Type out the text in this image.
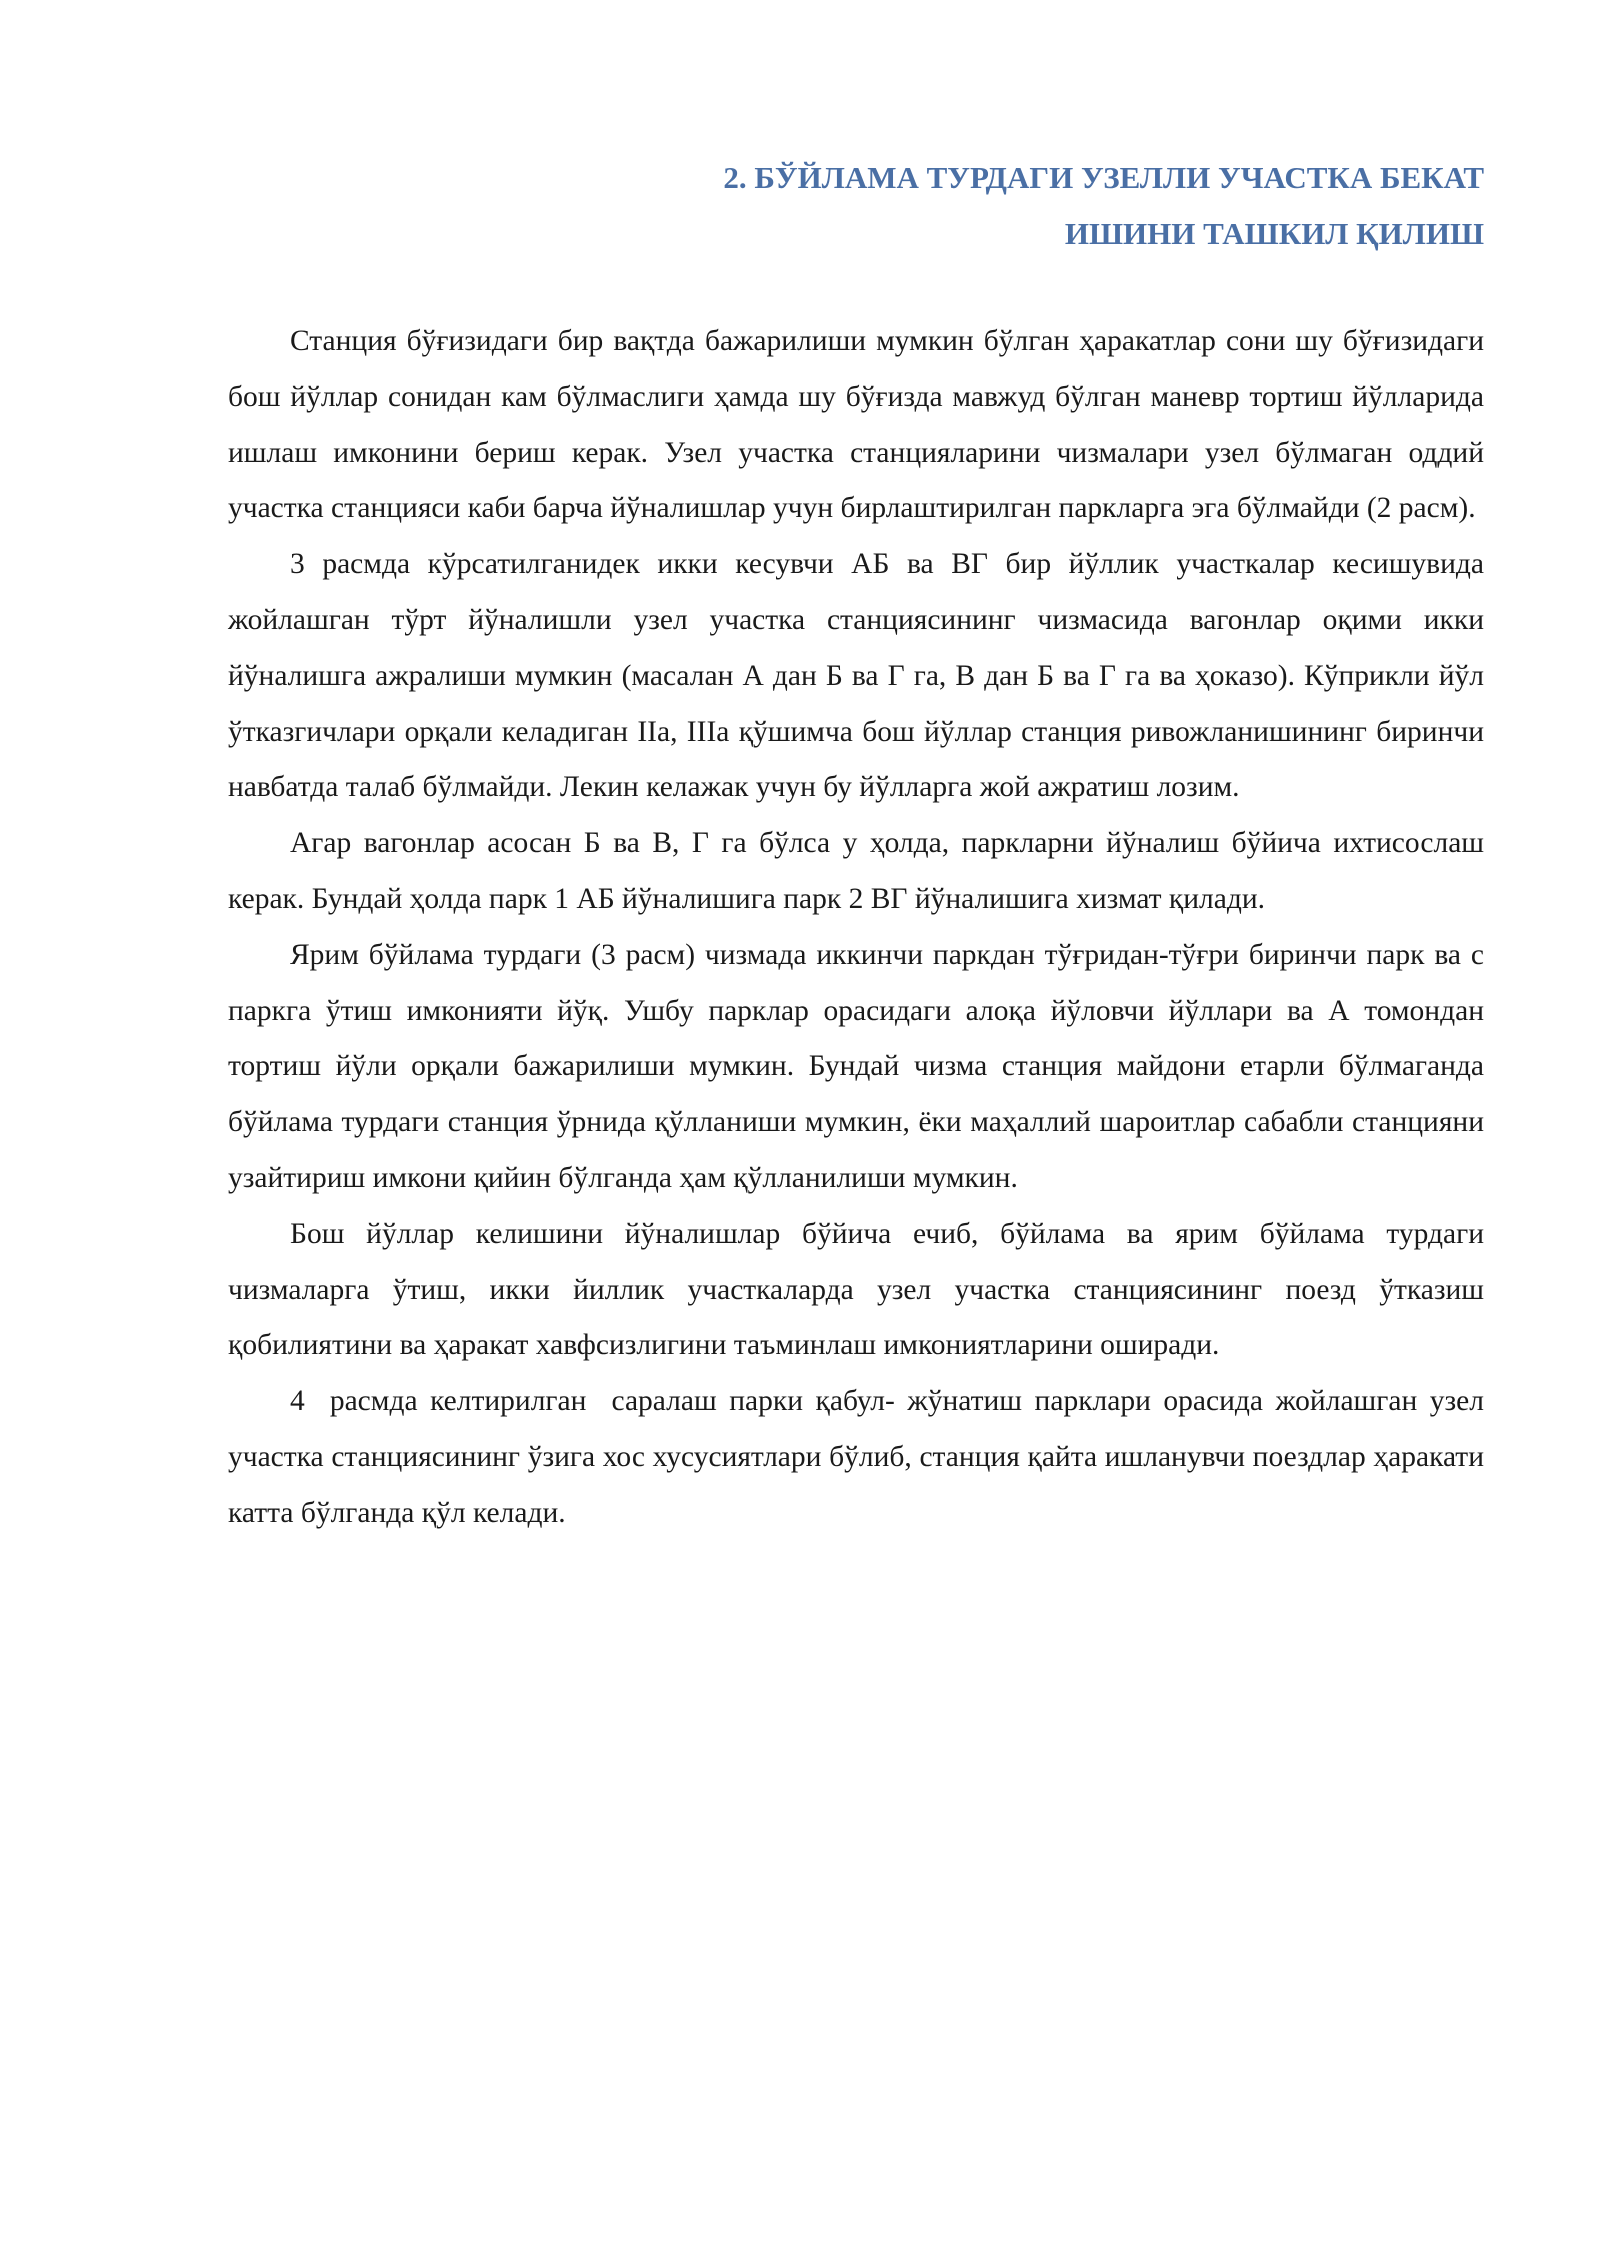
2. БЎЙЛАМА ТУРДАГИ УЗЕЛЛИ УЧАСТКА БЕКАТ
ИШИНИ ТАШКИЛ ҚИЛИШ

Станция бўғизидаги бир вақтда бажарилиши мумкин бўлган ҳаракатлар сони шу бўғизидаги бош йўллар сонидан кам бўлмаслиги ҳамда шу бўғизда мавжуд бўлган маневр тортиш йўлларида ишлаш имконини бериш керак. Узел участка станцияларини чизмалари узел бўлмаган оддий участка станцияси каби барча йўналишлар учун бирлаштирилган паркларга эга бўлмайди (2 расм).

3 расмда кўрсатилганидек икки кесувчи АБ ва ВГ бир йўллик участкалар кесишувида жойлашган тўрт йўналишли узел участка станциясининг чизмасида вагонлар оқими икки йўналишга ажралиши мумкин (масалан А дан Б ва Г га, В дан Б ва Г га ва ҳоказо). Кўприкли йўл ўтказгичлари орқали келадиган IIа, IIIа қўшимча бош йўллар станция ривожланишининг биринчи навбатда талаб бўлмайди. Лекин келажак учун бу йўлларга жой ажратиш лозим.

Агар вагонлар асосан Б ва В, Г га бўлса у ҳолда, паркларни йўналиш бўйича ихтисослаш керак. Бундай ҳолда парк 1 АБ йўналишига парк 2 ВГ йўналишига хизмат қилади.

Ярим бўйлама турдаги (3 расм) чизмада иккинчи паркдан тўғридан-тўғри биринчи парк ва с паркга ўтиш имконияти йўқ. Ушбу парклар орасидаги алоқа йўловчи йўллари ва А томондан тортиш йўли орқали бажарилиши мумкин. Бундай чизма станция майдони етарли бўлмаганда бўйлама турдаги станция ўрнида қўлланиши мумкин, ёки маҳаллий шароитлар сабабли станцияни узайтириш имкони қийин бўлганда ҳам қўлланилиши мумкин.

Бош йўллар келишини йўналишлар бўйича ечиб, бўйлама ва ярим бўйлама турдаги чизмаларга ўтиш, икки йиллик участкаларда узел участка станциясининг поезд ўтказиш қобилиятини ва ҳаракат хавфсизлигини таъминлаш имкониятларини оширади.

4  расмда келтирилган  саралаш парки қабул- жўнатиш парклари орасида жойлашган узел участка станциясининг ўзига хос хусусиятлари бўлиб, станция қайта ишланувчи поездлар ҳаракати катта бўлганда қўл келади.
